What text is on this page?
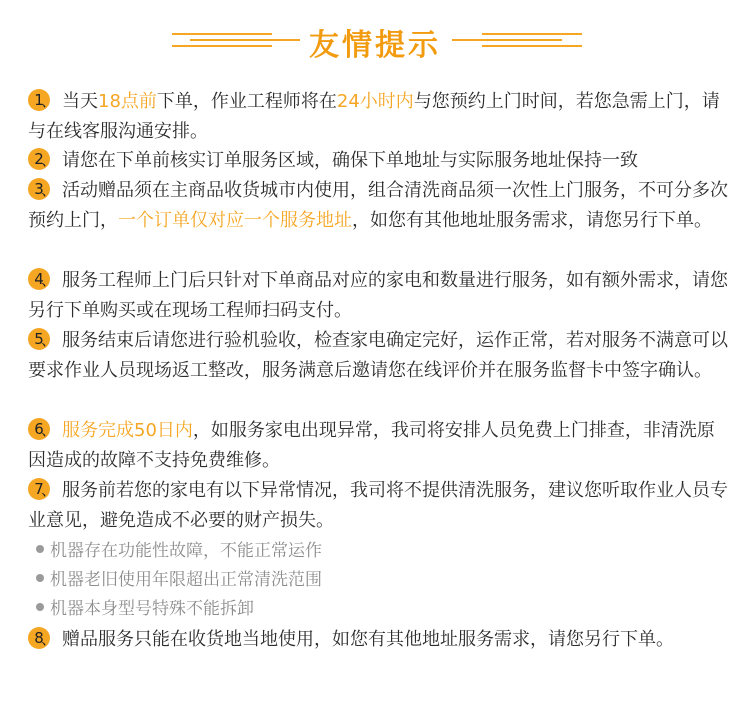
友情提示
1 、 当天18点前下单，作业工程师将在24小时内与您预约上门时间，若您急需上门，请与在线客服沟通安排。
2 、 请您在下单前核实订单服务区域，确保下单地址与实际服务地址保持一致
3 、 活动赠品须在主商品收货城市内使用，组合清洗商品须一次性上门服务，不可分多次预约上门，一个订单仅对应一个服务地址，如您有其他地址服务需求，请您另行下单。
4 、 服务工程师上门后只针对下单商品对应的家电和数量进行服务，如有额外需求，请您另行下单购买或在现场工程师扫码支付。
5 、 服务结束后请您进行验机验收，检查家电确定完好，运作正常，若对服务不满意可以要求作业人员现场返工整改，服务满意后邀请您在线评价并在服务监督卡中签字确认。
6 、 服务完成50日内，如服务家电出现异常，我司将安排人员免费上门排查，非清洗原因造成的故障不支持免费维修。
7 、 服务前若您的家电有以下异常情况，我司将不提供清洗服务，建议您听取作业人员专业意见，避免造成不必要的财产损失。
机器存在功能性故障，不能正常运作
机器老旧使用年限超出正常清洗范围
机器本身型号特殊不能拆卸
8 、 赠品服务只能在收货地当地使用，如您有其他地址服务需求，请您另行下单。
